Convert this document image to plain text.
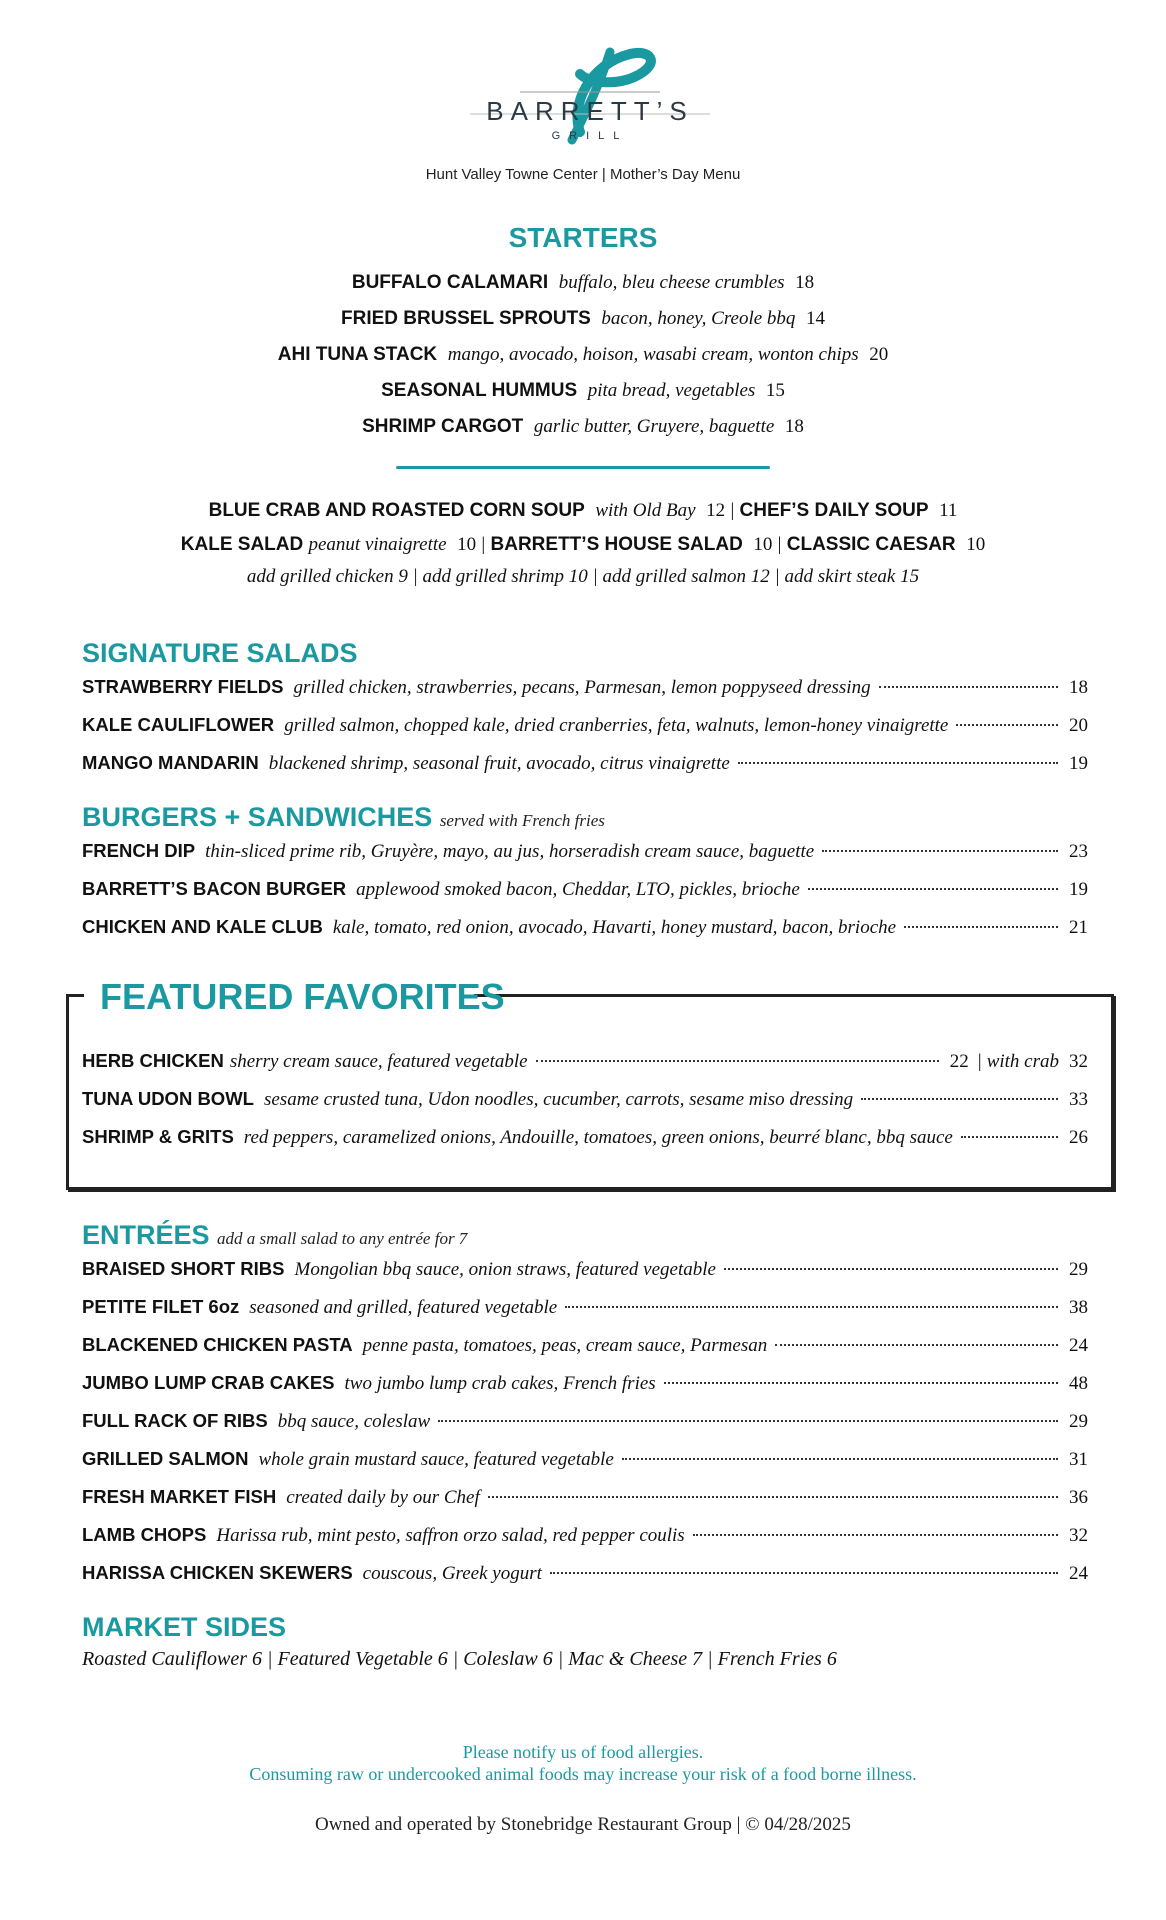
BARRETT’S
GRILL
Hunt Valley Towne Center | Mother’s Day Menu
STARTERS
BUFFALO CALAMARI buffalo, bleu cheese crumbles 18
FRIED BRUSSEL SPROUTS bacon, honey, Creole bbq 14
AHI TUNA STACK mango, avocado, hoison, wasabi cream, wonton chips 20
SEASONAL HUMMUS pita bread, vegetables 15
SHRIMP CARGOT garlic butter, Gruyere, baguette 18
BLUE CRAB AND ROASTED CORN SOUP with Old Bay 12 | CHEF’S DAILY SOUP 11
KALE SALAD peanut vinaigrette 10 | BARRETT’S HOUSE SALAD 10 | CLASSIC CAESAR 10
add grilled chicken 9 | add grilled shrimp 10 | add grilled salmon 12 | add skirt steak 15
SIGNATURE SALADS
STRAWBERRY FIELDS grilled chicken, strawberries, pecans, Parmesan, lemon poppyseed dressing	18
KALE CAULIFLOWER grilled salmon, chopped kale, dried cranberries, feta, walnuts, lemon-honey vinaigrette	20
MANGO MANDARIN blackened shrimp, seasonal fruit, avocado, citrus vinaigrette	19
BURGERS + SANDWICHES served with French fries
FRENCH DIP thin-sliced prime rib, Gruyère, mayo, au jus, horseradish cream sauce, baguette	23
BARRETT’S BACON BURGER applewood smoked bacon, Cheddar, LTO, pickles, brioche	19
CHICKEN AND KALE CLUB kale, tomato, red onion, avocado, Havarti, honey mustard, bacon, brioche	21
FEATURED FAVORITES
HERB CHICKEN sherry cream sauce, featured vegetable	22 | with crab 32
TUNA UDON BOWL sesame crusted tuna, Udon noodles, cucumber, carrots, sesame miso dressing	33
SHRIMP & GRITS red peppers, caramelized onions, Andouille, tomatoes, green onions, beurré blanc, bbq sauce	26
ENTRÉES add a small salad to any entrée for 7
BRAISED SHORT RIBS Mongolian bbq sauce, onion straws, featured vegetable	29
PETITE FILET 6oz seasoned and grilled, featured vegetable	38
BLACKENED CHICKEN PASTA penne pasta, tomatoes, peas, cream sauce, Parmesan	24
JUMBO LUMP CRAB CAKES two jumbo lump crab cakes, French fries	48
FULL RACK OF RIBS bbq sauce, coleslaw	29
GRILLED SALMON whole grain mustard sauce, featured vegetable	31
FRESH MARKET FISH created daily by our Chef	36
LAMB CHOPS Harissa rub, mint pesto, saffron orzo salad, red pepper coulis	32
HARISSA CHICKEN SKEWERS couscous, Greek yogurt	24
MARKET SIDES
Roasted Cauliflower 6 | Featured Vegetable 6 | Coleslaw 6 | Mac & Cheese 7 | French Fries 6
Please notify us of food allergies.
Consuming raw or undercooked animal foods may increase your risk of a food borne illness.
Owned and operated by Stonebridge Restaurant Group | © 04/28/2025
